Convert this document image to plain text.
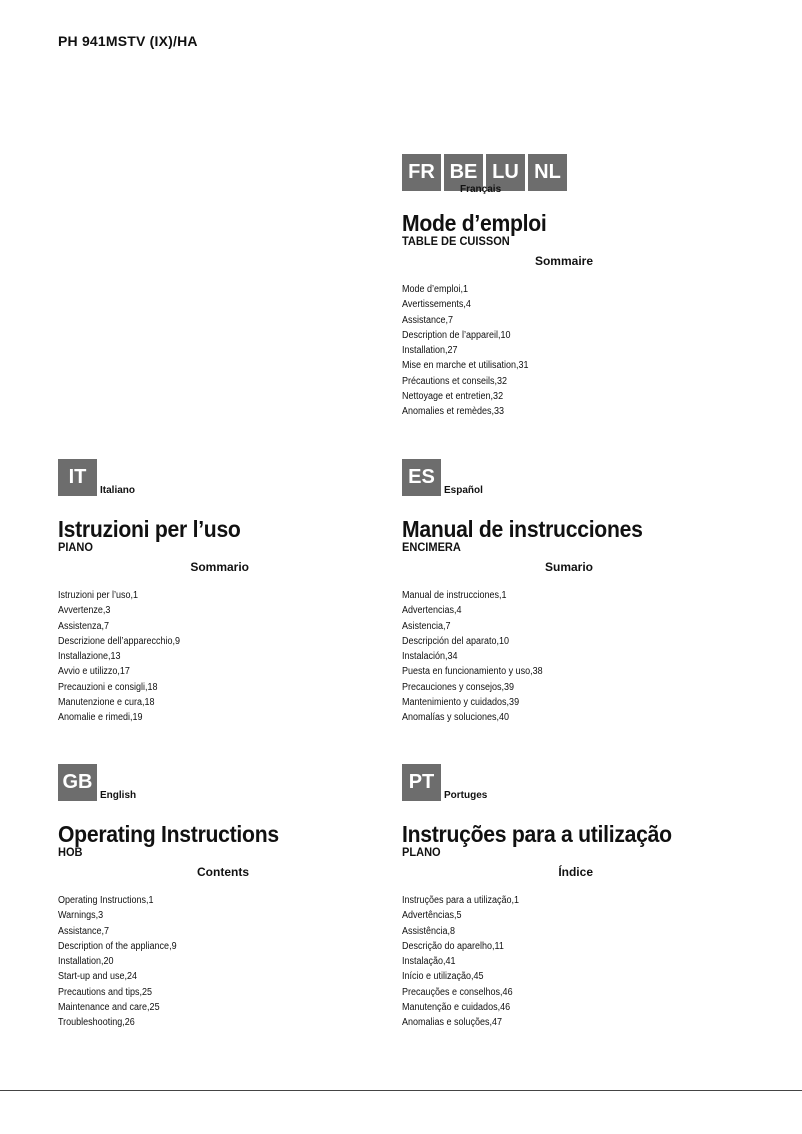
PH 941MSTV (IX)/HA
FR BE LU NL
Français
Mode d’emploi
TABLE DE CUISSON
Sommaire
Mode d’emploi,1
Avertissements,4
Assistance,7
Description de l’appareil,10
Installation,27
Mise en marche et utilisation,31
Précautions et conseils,32
Nettoyage et entretien,32
Anomalies et remèdes,33
IT
Italiano
Istruzioni per l’uso
PIANO
Sommario
Istruzioni per l’uso,1
Avvertenze,3
Assistenza,7
Descrizione dell’apparecchio,9
Installazione,13
Avvio e utilizzo,17
Precauzioni e consigli,18
Manutenzione e cura,18
Anomalie e rimedi,19
ES
Español
Manual de instrucciones
ENCIMERA
Sumario
Manual de instrucciones,1
Advertencias,4
Asistencia,7
Descripción del aparato,10
Instalación,34
Puesta en funcionamiento y uso,38
Precauciones y consejos,39
Mantenimiento y cuidados,39
Anomalías y soluciones,40
GB
English
Operating Instructions
HOB
Contents
Operating Instructions,1
Warnings,3
Assistance,7
Description of the appliance,9
Installation,20
Start-up and use,24
Precautions and tips,25
Maintenance and care,25
Troubleshooting,26
PT
Portuges
Instruções para a utilização
PLANO
Índice
Instruções para a utilização,1
Advertências,5
Assistência,8
Descrição do aparelho,11
Instalação,41
Início e utilização,45
Precauções e conselhos,46
Manutenção e cuidados,46
Anomalias e soluções,47
